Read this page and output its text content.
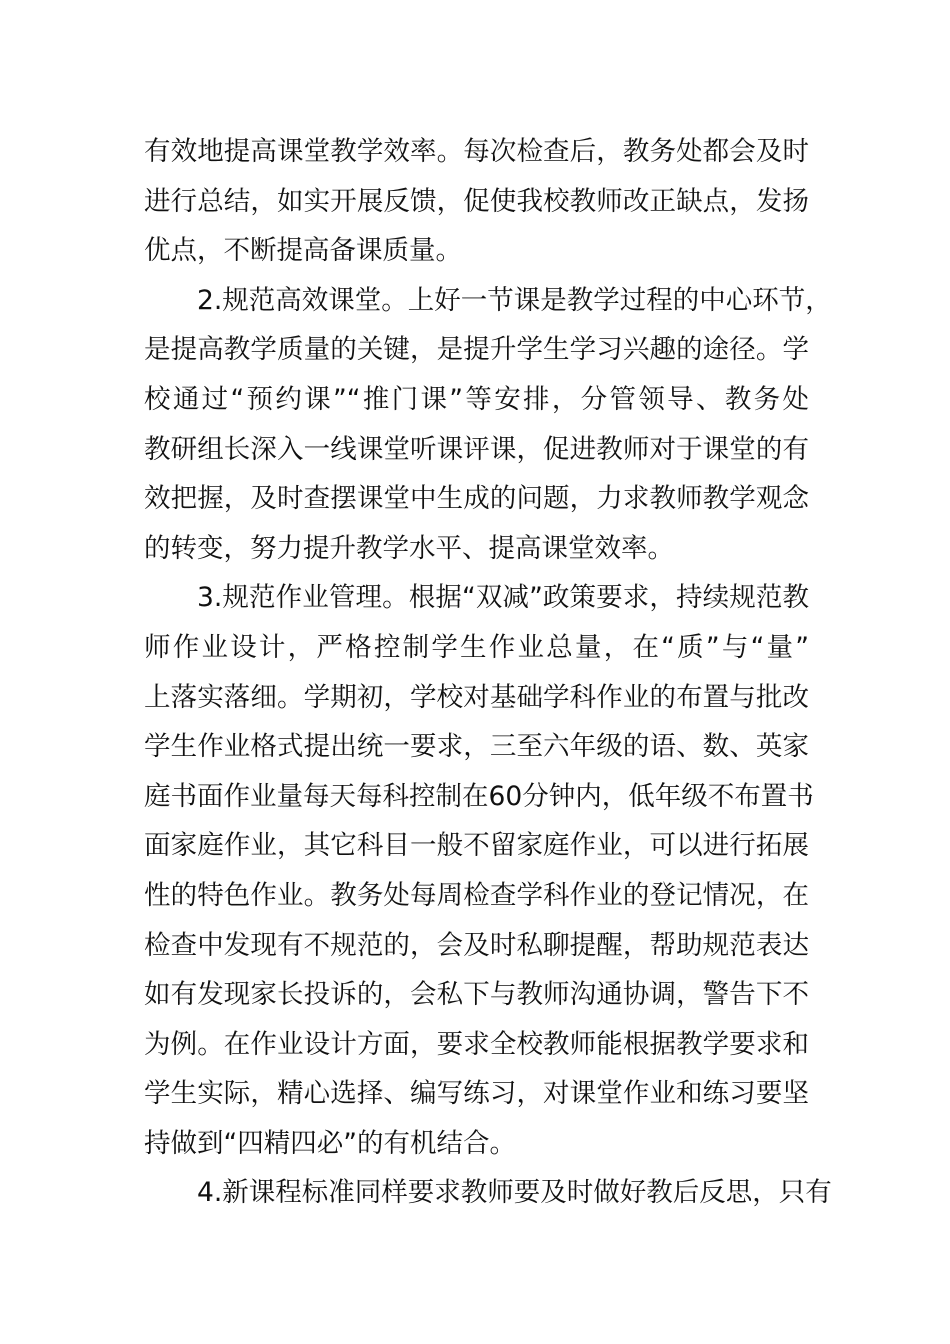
有效地提高课堂教学效率。每次检查后，教务处都会及时
进行总结，如实开展反馈，促使我校教师改正缺点，发扬
优点，不断提高备课质量。
2.规范高效课堂。上好一节课是教学过程的中心环节，
是提高教学质量的关键，是提升学生学习兴趣的途径。学
校通过“预约课”“推门课”等安排，分管领导、教务处
教研组长深入一线课堂听课评课，促进教师对于课堂的有
效把握，及时查摆课堂中生成的问题，力求教师教学观念
的转变，努力提升教学水平、提高课堂效率。
3.规范作业管理。根据“双减”政策要求，持续规范教
师作业设计，严格控制学生作业总量，在“质”与“量”
上落实落细。学期初，学校对基础学科作业的布置与批改
学生作业格式提出统一要求，三至六年级的语、数、英家
庭书面作业量每天每科控制在60分钟内，低年级不布置书
面家庭作业，其它科目一般不留家庭作业，可以进行拓展
性的特色作业。教务处每周检查学科作业的登记情况，在
检查中发现有不规范的，会及时私聊提醒，帮助规范表达
如有发现家长投诉的，会私下与教师沟通协调，警告下不
为例。在作业设计方面，要求全校教师能根据教学要求和
学生实际，精心选择、编写练习，对课堂作业和练习要坚
持做到“四精四必”的有机结合。
4.新课程标准同样要求教师要及时做好教后反思，只有
